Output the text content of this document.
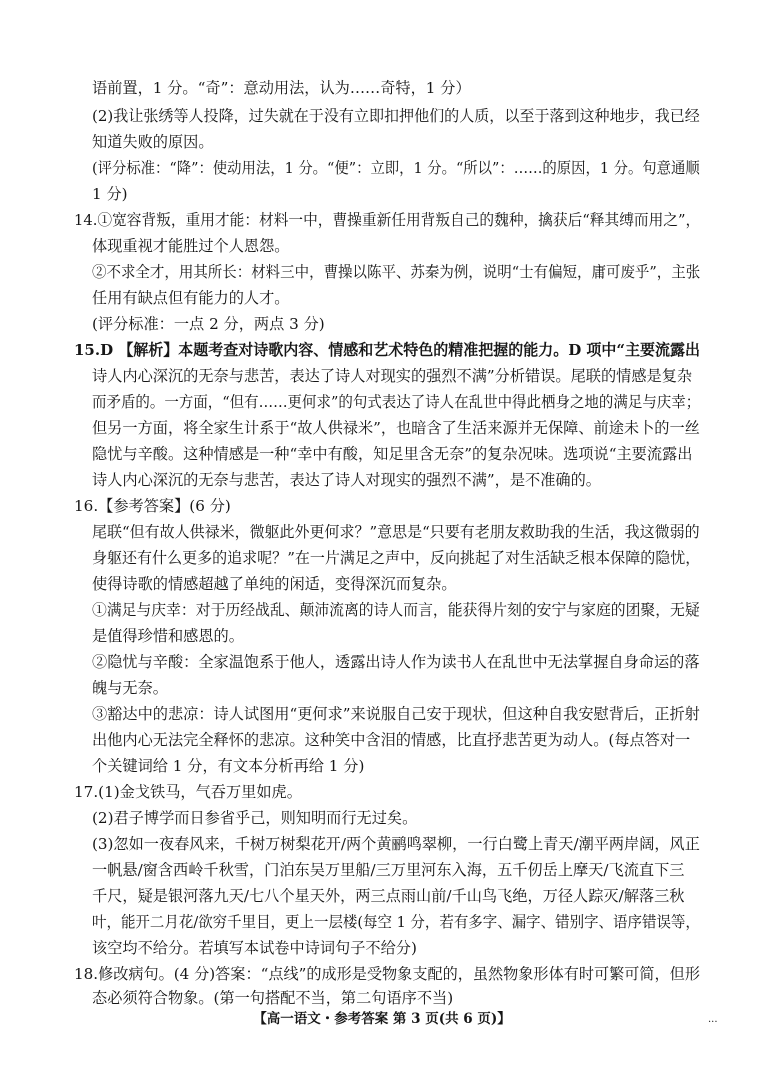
语前置，1 分。“奇”：意动用法，认为……奇特，1 分）
(2)我让张绣等人投降，过失就在于没有立即扣押他们的人质，以至于落到这种地步，我已经
知道失败的原因。
(评分标准：“降”：使动用法，1 分。“便”：立即，1 分。“所以”：……的原因，1 分。句意通顺
1 分)
14.①宽容背叛，重用才能：材料一中，曹操重新任用背叛自己的魏种，擒获后“释其缚而用之”，
体现重视才能胜过个人恩怨。
②不求全才，用其所长：材料三中，曹操以陈平、苏秦为例，说明“士有偏短，庸可废乎”，主张
任用有缺点但有能力的人才。
(评分标准：一点 2 分，两点 3 分)
15.D 【解析】本题考查对诗歌内容、情感和艺术特色的精准把握的能力。D 项中“主要流露出
诗人内心深沉的无奈与悲苦，表达了诗人对现实的强烈不满”分析错误。尾联的情感是复杂
而矛盾的。一方面，“但有……更何求”的句式表达了诗人在乱世中得此栖身之地的满足与庆幸；
但另一方面，将全家生计系于“故人供禄米”，也暗含了生活来源并无保障、前途未卜的一丝
隐忧与辛酸。这种情感是一种“幸中有酸，知足里含无奈”的复杂况味。选项说“主要流露出
诗人内心深沉的无奈与悲苦，表达了诗人对现实的强烈不满”，是不准确的。
16.【参考答案】(6 分)
尾联“但有故人供禄米，微躯此外更何求？”意思是“只要有老朋友救助我的生活，我这微弱的
身躯还有什么更多的追求呢？”在一片满足之声中，反向挑起了对生活缺乏根本保障的隐忧，
使得诗歌的情感超越了单纯的闲适，变得深沉而复杂。
①满足与庆幸：对于历经战乱、颠沛流离的诗人而言，能获得片刻的安宁与家庭的团聚，无疑
是值得珍惜和感恩的。
②隐忧与辛酸：全家温饱系于他人，透露出诗人作为读书人在乱世中无法掌握自身命运的落
魄与无奈。
③豁达中的悲凉：诗人试图用“更何求”来说服自己安于现状，但这种自我安慰背后，正折射
出他内心无法完全释怀的悲凉。这种笑中含泪的情感，比直抒悲苦更为动人。(每点答对一
个关键词给 1 分，有文本分析再给 1 分)
17.(1)金戈铁马，气吞万里如虎。
(2)君子博学而日参省乎己，则知明而行无过矣。
(3)忽如一夜春风来，千树万树梨花开/两个黄鹂鸣翠柳，一行白鹭上青天/潮平两岸阔，风正
一帆悬/窗含西岭千秋雪，门泊东吴万里船/三万里河东入海，五千仞岳上摩天/飞流直下三
千尺，疑是银河落九天/七八个星天外，两三点雨山前/千山鸟飞绝，万径人踪灭/解落三秋
叶，能开二月花/欲穷千里目，更上一层楼(每空 1 分，若有多字、漏字、错别字、语序错误等，
该空均不给分。若填写本试卷中诗词句子不给分)
18.修改病句。(4 分)答案：“点线”的成形是受物象支配的，虽然物象形体有时可繁可简，但形
态必须符合物象。(第一句搭配不当，第二句语序不当)
【高一语文・参考答案 第 3 页(共 6 页)】	...
